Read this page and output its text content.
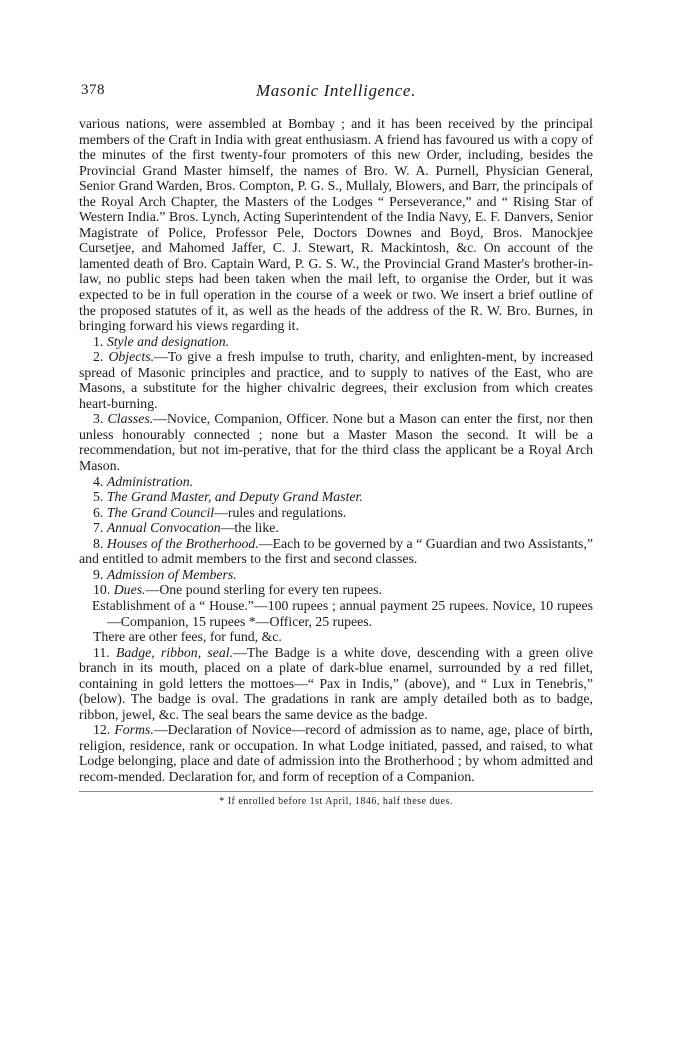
378	Masonic Intelligence.

various nations, were assembled at Bombay ; and it has been received by the principal members of the Craft in India with great enthusiasm. A friend has favoured us with a copy of the minutes of the first twenty-four promoters of this new Order, including, besides the Provincial Grand Master himself, the names of Bro. W. A. Purnell, Physician General, Senior Grand Warden, Bros. Compton, P. G. S., Mullaly, Blowers, and Barr, the principals of the Royal Arch Chapter, the Masters of the Lodges “ Perseverance,” and “ Rising Star of Western India.” Bros. Lynch, Acting Superintendent of the India Navy, E. F. Danvers, Senior Magistrate of Police, Professor Pele, Doctors Downes and Boyd, Bros. Manockjee Cursetjee, and Mahomed Jaffer, C. J. Stewart, R. Mackintosh, &c. On account of the lamented death of Bro. Captain Ward, P. G. S. W., the Provincial Grand Master's brother-in-law, no public steps had been taken when the mail left, to organise the Order, but it was expected to be in full operation in the course of a week or two. We insert a brief outline of the proposed statutes of it, as well as the heads of the address of the R. W. Bro. Burnes, in bringing forward his views regarding it.

1. Style and designation.

2. Objects.—To give a fresh impulse to truth, charity, and enlighten-ment, by increased spread of Masonic principles and practice, and to supply to natives of the East, who are Masons, a substitute for the higher chivalric degrees, their exclusion from which creates heart-burning.

3. Classes.—Novice, Companion, Officer. None but a Mason can enter the first, nor then unless honourably connected ; none but a Master Mason the second. It will be a recommendation, but not im-perative, that for the third class the applicant be a Royal Arch Mason.

4. Administration.

5. The Grand Master, and Deputy Grand Master.

6. The Grand Council—rules and regulations.

7. Annual Convocation—the like.

8. Houses of the Brotherhood.—Each to be governed by a “ Guardian and two Assistants,” and entitled to admit members to the first and second classes.

9. Admission of Members.

10. Dues.—One pound sterling for every ten rupees.

Establishment of a “ House.”—100 rupees ; annual payment 25 rupees. Novice, 10 rupees—Companion, 15 rupees *—Officer, 25 rupees.

There are other fees, for fund, &c.

11. Badge, ribbon, seal.—The Badge is a white dove, descending with a green olive branch in its mouth, placed on a plate of dark-blue enamel, surrounded by a red fillet, containing in gold letters the mottoes—“ Pax in Indis,” (above), and “ Lux in Tenebris,” (below). The badge is oval. The gradations in rank are amply detailed both as to badge, ribbon, jewel, &c. The seal bears the same device as the badge.

12. Forms.—Declaration of Novice—record of admission as to name, age, place of birth, religion, residence, rank or occupation. In what Lodge initiated, passed, and raised, to what Lodge belonging, place and date of admission into the Brotherhood ; by whom admitted and recom-mended. Declaration for, and form of reception of a Companion.

* If enrolled before 1st April, 1846, half these dues.
